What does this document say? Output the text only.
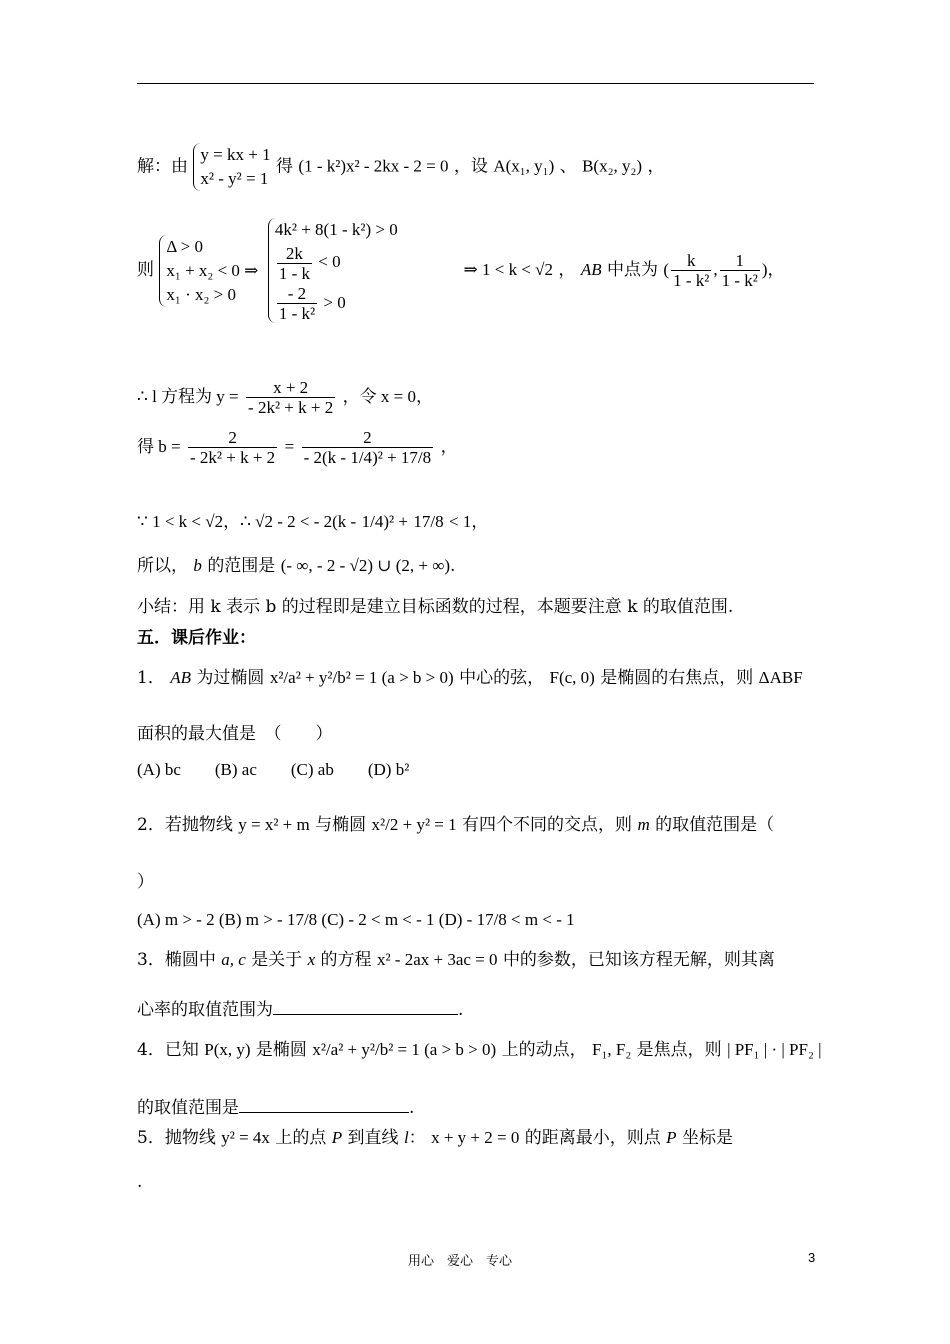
解：由
y = kx + 1
x² - y² = 1
得 (1 - k²)x² - 2kx - 2 = 0 ，设 A(x₁, y₁) 、 B(x₂, y₂) ，
则
Δ > 0
x₁ + x₂ < 0 ⇒
x₁ · x₂ > 0

4k² + 8(1 - k²) > 0
$\frac{2k}{1 - k} < 0$
$\frac{- 2}{\text{1 - k²}} > 0$
⇒ 1 < k < √2 ， AB 中点为 ( $\frac{k}{\text{1 - k²}}$ , $\frac{1}{\text{1 - k²}}$ )，
∴ l 方程为 $y = \frac{x + 2}{\text{- 2k² + k + 2}}$ ，令 x = 0，
得 $b = \frac{2}{\text{- 2k² + k + 2}} = \frac{2}{\text{- 2(k - 1/4)² + 17/8}}$ ，
∵ 1 < k < √2，∴ √2 - 2 < - 2(k - 1/4)² + 17/8 < 1，
所以， b 的范围是 (- ∞, - 2 - √2) ∪ (2, + ∞).
小结：用 k 表示 b 的过程即是建立目标函数的过程，本题要注意 k 的取值范围.
五．课后作业：
1． AB 为过椭圆 x²/a² + y²/b² = 1 (a > b > 0) 中心的弦， F(c, 0) 是椭圆的右焦点，则 ΔABF
面积的最大值是　（　　）
(A) bc　　(B) ac　　(C) ab　　(D) b²
2．若抛物线 y = x² + m 与椭圆 x²/2 + y² = 1 有四个不同的交点，则 m 的取值范围是（
）
(A) m > - 2 (B) m > - 17/8 (C) - 2 < m < - 1 (D) - 17/8 < m < - 1
3．椭圆中 a, c 是关于 x 的方程 x² - 2ax + 3ac = 0 中的参数，已知该方程无解，则其离
心率的取值范围为	.
4．已知 P(x, y) 是椭圆 x²/a² + y²/b² = 1 (a > b > 0) 上的动点， F₁, F₂ 是焦点，则 | PF₁ | · | PF₂ |
的取值范围是	.
5．抛物线 y² = 4x 上的点 P 到直线 l： x + y + 2 = 0 的距离最小，则点 P 坐标是
.
用心　爱心　专心	3
